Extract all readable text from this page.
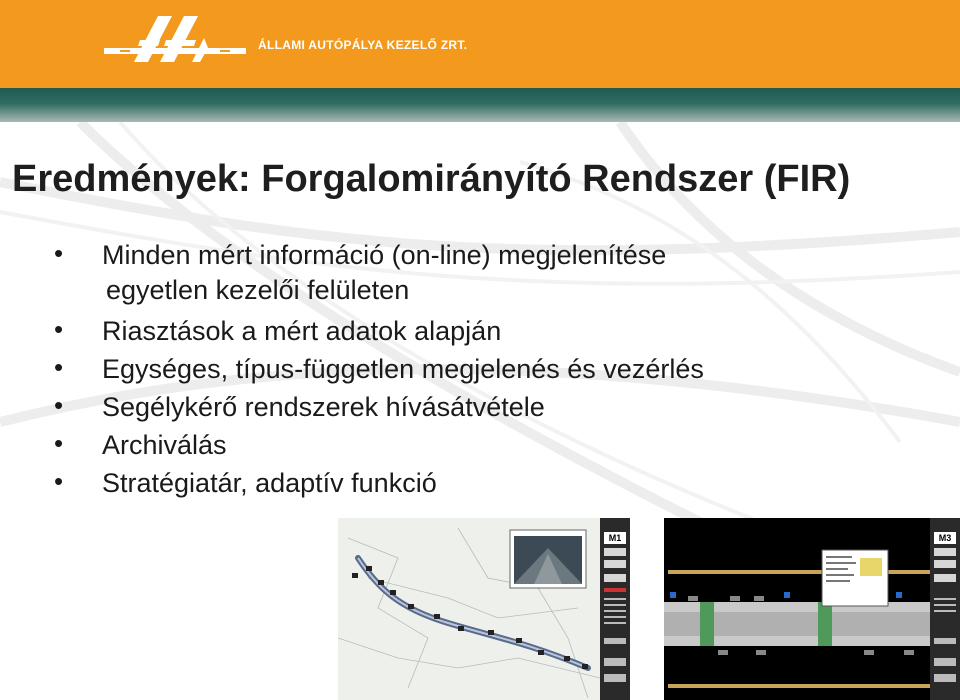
ÁLLAMI AUTÓPÁLYA KEZELŐ ZRT.
Eredmények: Forgalomirányító Rendszer (FIR)
• Minden mért információ (on-line) megjelenítése
egyetlen kezelői felületen
• Riasztások a mért adatok alapján
• Egységes, típus-független megjelenés és vezérlés
• Segélykérő rendszerek hívásátvétele
• Archiválás
• Stratégiatár, adaptív funkció
M1	M3
